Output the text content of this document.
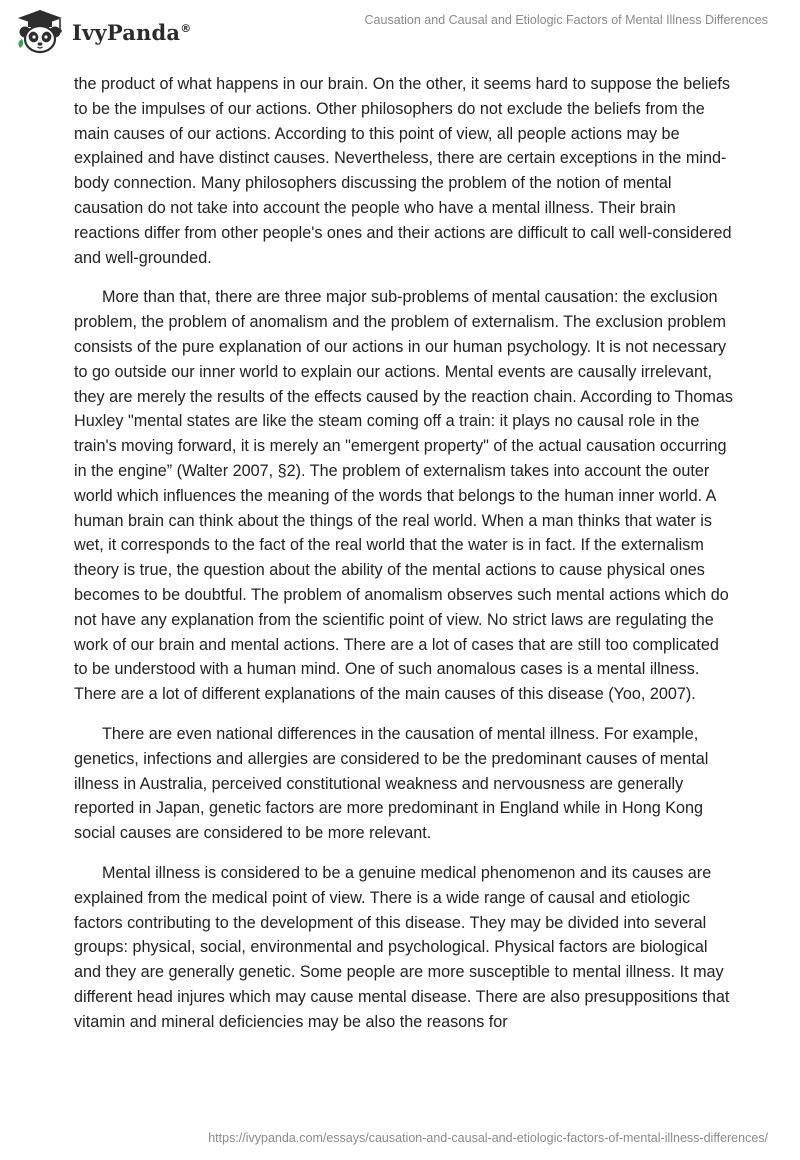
IvyPanda®
Causation and Causal and Etiologic Factors of Mental Illness Differences

the product of what happens in our brain. On the other, it seems hard to suppose the beliefs to be the impulses of our actions. Other philosophers do not exclude the beliefs from the main causes of our actions. According to this point of view, all people actions may be explained and have distinct causes. Nevertheless, there are certain exceptions in the mind-body connection. Many philosophers discussing the problem of the notion of mental causation do not take into account the people who have a mental illness. Their brain reactions differ from other people's ones and their actions are difficult to call well-considered and well-grounded.

More than that, there are three major sub-problems of mental causation: the exclusion problem, the problem of anomalism and the problem of externalism. The exclusion problem consists of the pure explanation of our actions in our human psychology. It is not necessary to go outside our inner world to explain our actions. Mental events are causally irrelevant, they are merely the results of the effects caused by the reaction chain. According to Thomas Huxley "mental states are like the steam coming off a train: it plays no causal role in the train's moving forward, it is merely an "emergent property" of the actual causation occurring in the engine” (Walter 2007, §2). The problem of externalism takes into account the outer world which influences the meaning of the words that belongs to the human inner world. A human brain can think about the things of the real world. When a man thinks that water is wet, it corresponds to the fact of the real world that the water is in fact. If the externalism theory is true, the question about the ability of the mental actions to cause physical ones becomes to be doubtful. The problem of anomalism observes such mental actions which do not have any explanation from the scientific point of view. No strict laws are regulating the work of our brain and mental actions. There are a lot of cases that are still too complicated to be understood with a human mind. One of such anomalous cases is a mental illness. There are a lot of different explanations of the main causes of this disease (Yoo, 2007).

There are even national differences in the causation of mental illness. For example, genetics, infections and allergies are considered to be the predominant causes of mental illness in Australia, perceived constitutional weakness and nervousness are generally reported in Japan, genetic factors are more predominant in England while in Hong Kong social causes are considered to be more relevant.

Mental illness is considered to be a genuine medical phenomenon and its causes are explained from the medical point of view. There is a wide range of causal and etiologic factors contributing to the development of this disease. They may be divided into several groups: physical, social, environmental and psychological. Physical factors are biological and they are generally genetic. Some people are more susceptible to mental illness. It may different head injures which may cause mental disease. There are also presuppositions that vitamin and mineral deficiencies may be also the reasons for

https://ivypanda.com/essays/causation-and-causal-and-etiologic-factors-of-mental-illness-differences/
